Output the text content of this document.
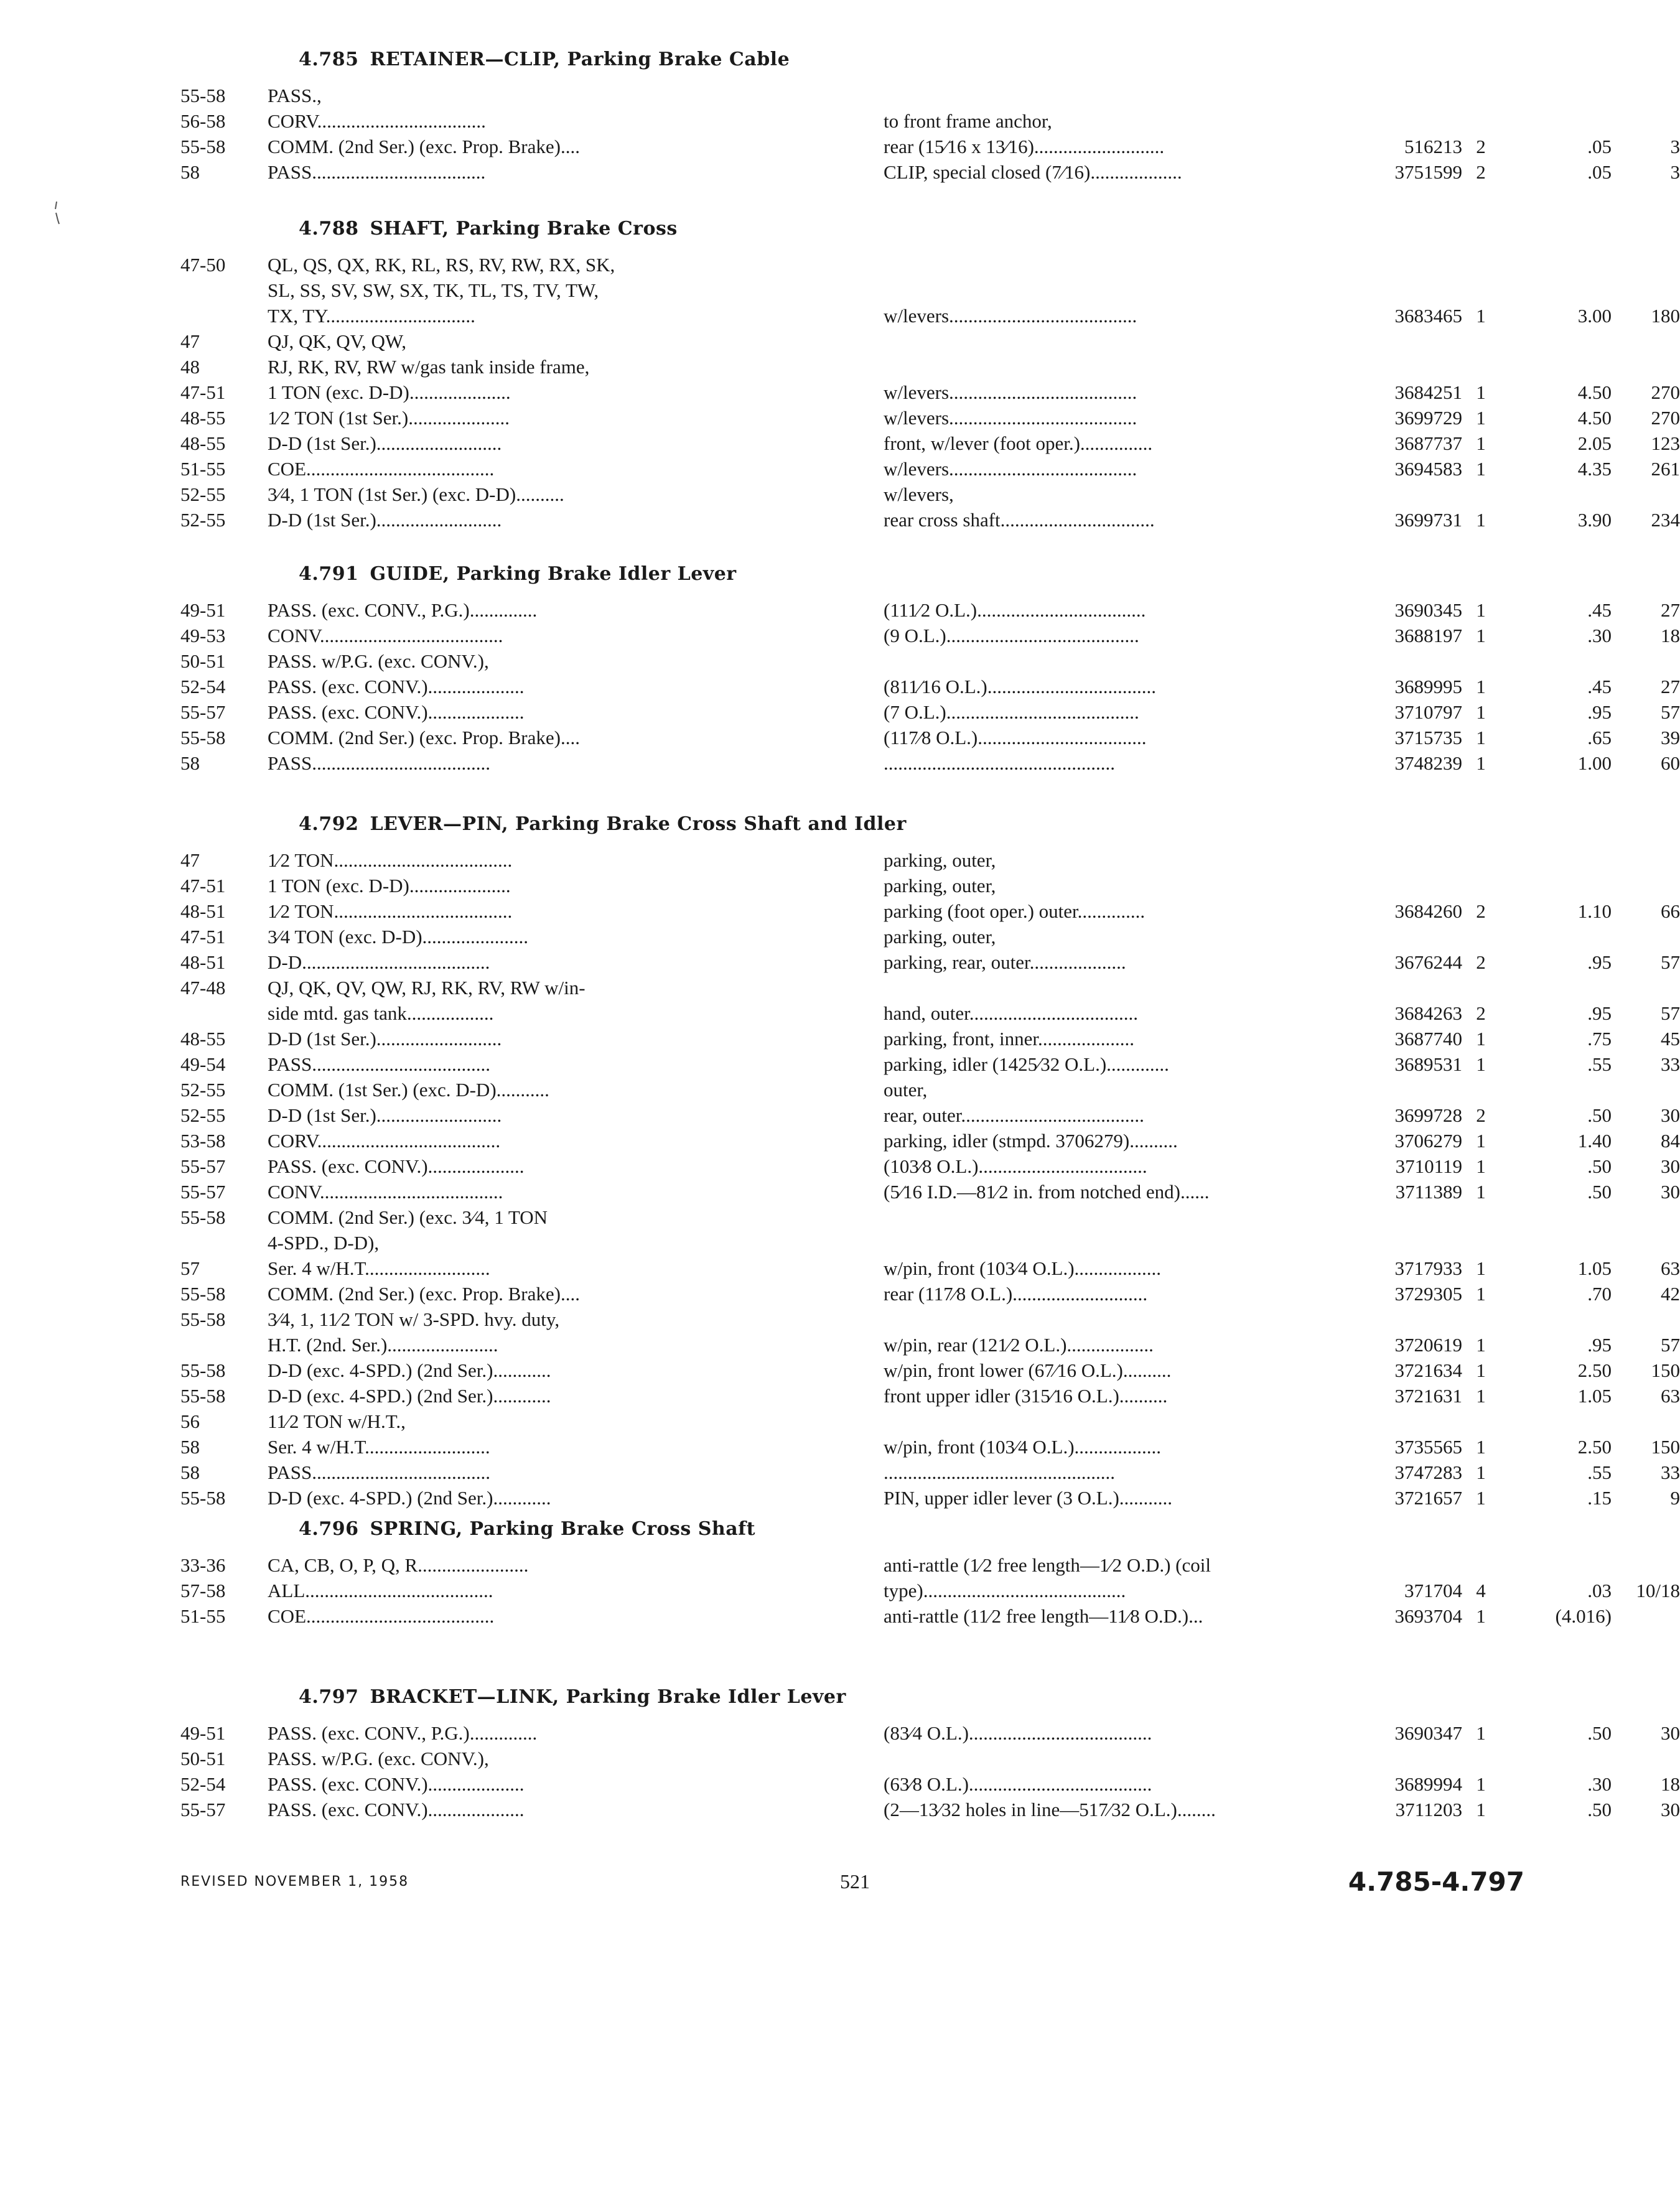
4.785 RETAINER—CLIP, Parking Brake Cable
55-58	PASS.,
56-58	CORV...................................	to front frame anchor,
55-58	COMM. (2nd Ser.) (exc. Prop. Brake)....	rear (15⁄16 x 13⁄16)...........................	516213 2	.05	3
58	PASS....................................	CLIP, special closed (7⁄16)...................	3751599 2	.05	3
4.788 SHAFT, Parking Brake Cross
47-50	QL, QS, QX, RK, RL, RS, RV, RW, RX, SK,
SL, SS, SV, SW, SX, TK, TL, TS, TV, TW,
TX, TY...............................	w/levers.......................................	3683465 1	3.00	180
47	QJ, QK, QV, QW,
48	RJ, RK, RV, RW w/gas tank inside frame,
47-51	1 TON (exc. D-D).....................	w/levers.......................................	3684251 1	4.50	270
48-55	1⁄2 TON (1st Ser.).....................	w/levers.......................................	3699729 1	4.50	270
48-55	D-D (1st Ser.)..........................	front, w/lever (foot oper.)...............	3687737 1	2.05	123
51-55	COE.......................................	w/levers.......................................	3694583 1	4.35	261
52-55	3⁄4, 1 TON (1st Ser.) (exc. D-D)..........	w/levers,
52-55	D-D (1st Ser.)..........................	rear cross shaft................................	3699731 1	3.90	234
4.791 GUIDE, Parking Brake Idler Lever
49-51	PASS. (exc. CONV., P.G.)..............	(111⁄2 O.L.)...................................	3690345 1	.45	27
49-53	CONV......................................	(9 O.L.)........................................	3688197 1	.30	18
50-51	PASS. w/P.G. (exc. CONV.),
52-54	PASS. (exc. CONV.)....................	(811⁄16 O.L.)...................................	3689995 1	.45	27
55-57	PASS. (exc. CONV.)....................	(7 O.L.)........................................	3710797 1	.95	57
55-58	COMM. (2nd Ser.) (exc. Prop. Brake)....	(117⁄8 O.L.)...................................	3715735 1	.65	39
58	PASS.....................................	................................................	3748239 1	1.00	60
4.792 LEVER—PIN, Parking Brake Cross Shaft and Idler
47	1⁄2 TON.....................................	parking, outer,
47-51	1 TON (exc. D-D).....................	parking, outer,
48-51	1⁄2 TON.....................................	parking (foot oper.) outer..............	3684260 2	1.10	66
47-51	3⁄4 TON (exc. D-D)......................	parking, outer,
48-51	D-D.......................................	parking, rear, outer....................	3676244 2	.95	57
47-48	QJ, QK, QV, QW, RJ, RK, RV, RW w/in-
side mtd. gas tank..................	hand, outer...................................	3684263 2	.95	57
48-55	D-D (1st Ser.)..........................	parking, front, inner....................	3687740 1	.75	45
49-54	PASS.....................................	parking, idler (1425⁄32 O.L.).............	3689531 1	.55	33
52-55	COMM. (1st Ser.) (exc. D-D)...........	outer,
52-55	D-D (1st Ser.)..........................	rear, outer......................................	3699728 2	.50	30
53-58	CORV......................................	parking, idler (stmpd. 3706279)..........	3706279 1	1.40	84
55-57	PASS. (exc. CONV.)....................	(103⁄8 O.L.)...................................	3710119 1	.50	30
55-57	CONV......................................	(5⁄16 I.D.—81⁄2 in. from notched end)......	3711389 1	.50	30
55-58	COMM. (2nd Ser.) (exc. 3⁄4, 1 TON
4-SPD., D-D),
57	Ser. 4 w/H.T..........................	w/pin, front (103⁄4 O.L.)..................	3717933 1	1.05	63
55-58	COMM. (2nd Ser.) (exc. Prop. Brake)....	rear (117⁄8 O.L.)............................	3729305 1	.70	42
55-58	3⁄4, 1, 11⁄2 TON w/ 3-SPD. hvy. duty,
H.T. (2nd. Ser.).......................	w/pin, rear (121⁄2 O.L.)..................	3720619 1	.95	57
55-58	D-D (exc. 4-SPD.) (2nd Ser.)............	w/pin, front lower (67⁄16 O.L.)..........	3721634 1	2.50	150
55-58	D-D (exc. 4-SPD.) (2nd Ser.)............	front upper idler (315⁄16 O.L.)..........	3721631 1	1.05	63
56	11⁄2 TON w/H.T.,
58	Ser. 4 w/H.T..........................	w/pin, front (103⁄4 O.L.)..................	3735565 1	2.50	150
58	PASS.....................................	................................................	3747283 1	.55	33
55-58	D-D (exc. 4-SPD.) (2nd Ser.)............	PIN, upper idler lever (3 O.L.)...........	3721657 1	.15	9
4.796 SPRING, Parking Brake Cross Shaft
33-36	CA, CB, O, P, Q, R.......................	anti-rattle (1⁄2 free length—1⁄2 O.D.) (coil
57-58	ALL.......................................	type)..........................................	371704 4	.03	10/18
51-55	COE.......................................	anti-rattle (11⁄2 free length—11⁄8 O.D.)...	3693704 1	(4.016)
4.797 BRACKET—LINK, Parking Brake Idler Lever
49-51	PASS. (exc. CONV., P.G.)..............	(83⁄4 O.L.)......................................	3690347 1	.50	30
50-51	PASS. w/P.G. (exc. CONV.),
52-54	PASS. (exc. CONV.)....................	(63⁄8 O.L.)......................................	3689994 1	.30	18
55-57	PASS. (exc. CONV.)....................	(2—13⁄32 holes in line—517⁄32 O.L.)........	3711203 1	.50	30
REVISED NOVEMBER 1, 1958	521	4.785-4.797
